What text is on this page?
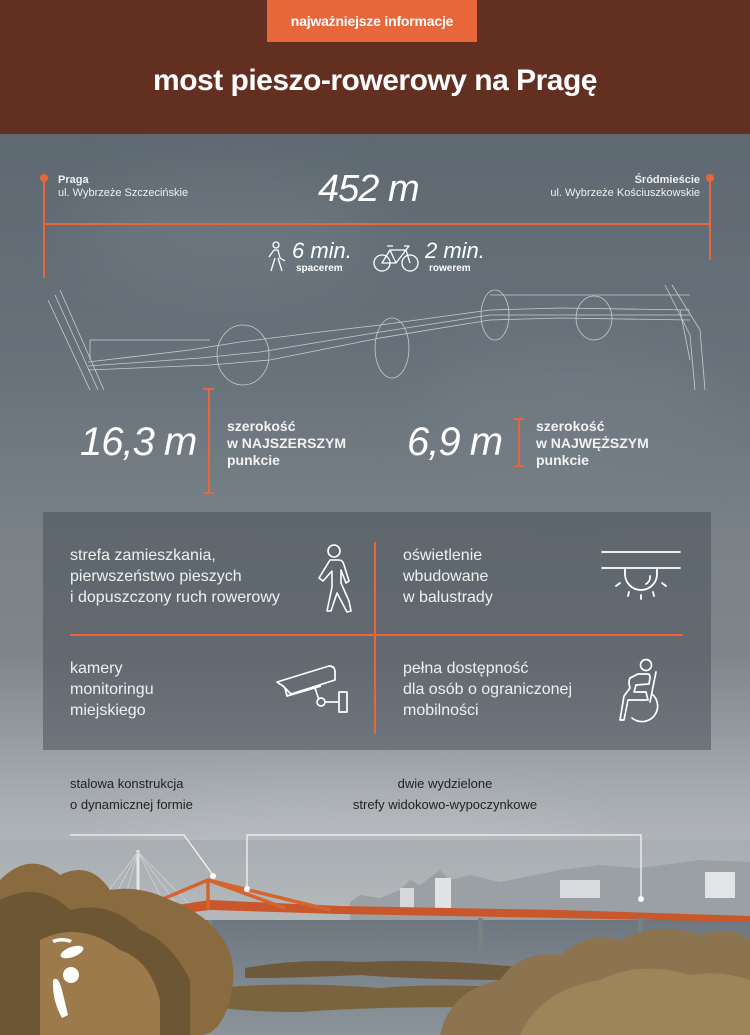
najważniejsze informacje
most pieszo-rowerowy na Pragę
Praga
ul. Wybrzeże Szczecińskie
Śródmieście
ul. Wybrzeże Kościuszkowskie
452 m
6 min.
spacerem
2 min.
rowerem
16,3 m szerokość
w NAJSZERSZYM
punkcie	6,9 m szerokość
w NAJWĘŻSZYM
punkcie
strefa zamieszkania,
pierwszeństwo pieszych
i dopuszczony ruch rowerowy
oświetlenie
wbudowane
w balustrady
kamery
monitoringu
miejskiego
pełna dostępność
dla osób o ograniczonej
mobilności
stalowa konstrukcja
o dynamicznej formie
dwie wydzielone
strefy widokowo-wypoczynkowe
